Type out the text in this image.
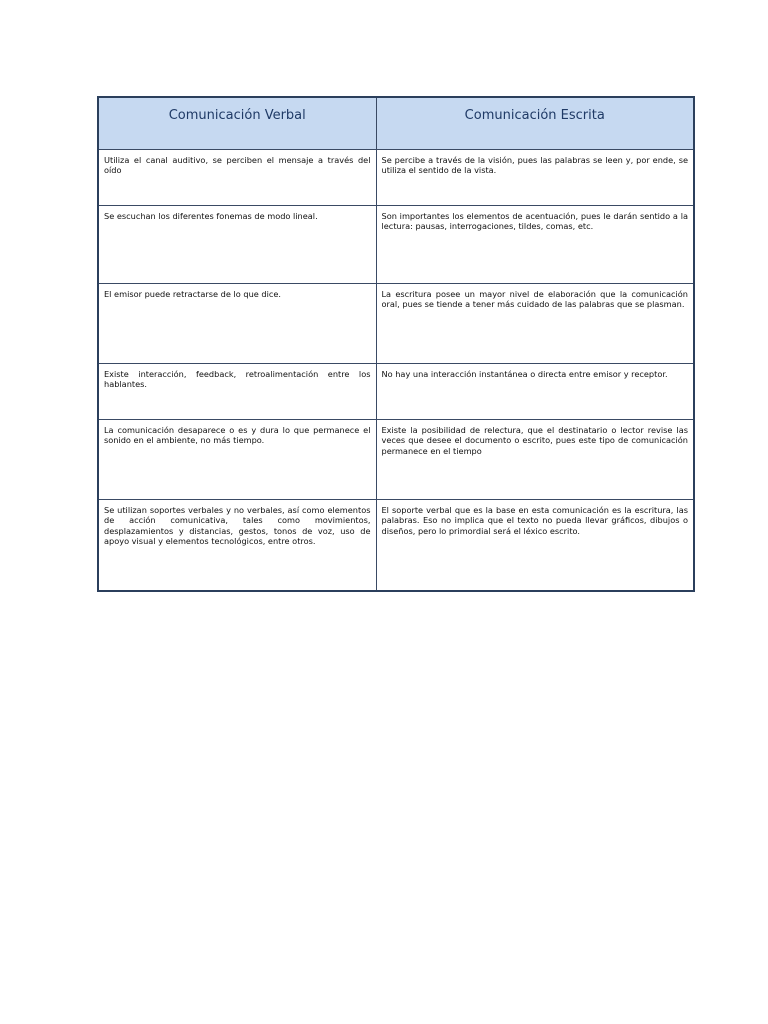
Comunicación Verbal	Comunicación Escrita
Utiliza el canal auditivo, se perciben el mensaje a través del oído	Se percibe a través de la visión, pues las palabras se leen y, por ende, se utiliza el sentido de la vista.
Se escuchan los diferentes fonemas de modo lineal.	Son importantes los elementos de acentuación, pues le darán sentido a la lectura: pausas, interrogaciones, tildes, comas, etc.
El emisor puede retractarse de lo que dice.	La escritura posee un mayor nivel de elaboración que la comunicación oral, pues se tiende a tener más cuidado de las palabras que se plasman.
Existe interacción, feedback, retroalimentación entre los hablantes.	No hay una interacción instantánea o directa entre emisor y receptor.
La comunicación desaparece o es y dura lo que permanece el sonido en el ambiente, no más tiempo.	Existe la posibilidad de relectura, que el destinatario o lector revise las veces que desee el documento o escrito, pues este tipo de comunicación permanece en el tiempo
Se utilizan soportes verbales y no verbales, así como elementos de acción comunicativa, tales como movimientos, desplazamientos y distancias, gestos, tonos de voz, uso de apoyo visual y elementos tecnológicos, entre otros.	El soporte verbal que es la base en esta comunicación es la escritura, las palabras. Eso no implica que el texto no pueda llevar gráficos, dibujos o diseños, pero lo primordial será el léxico escrito.
